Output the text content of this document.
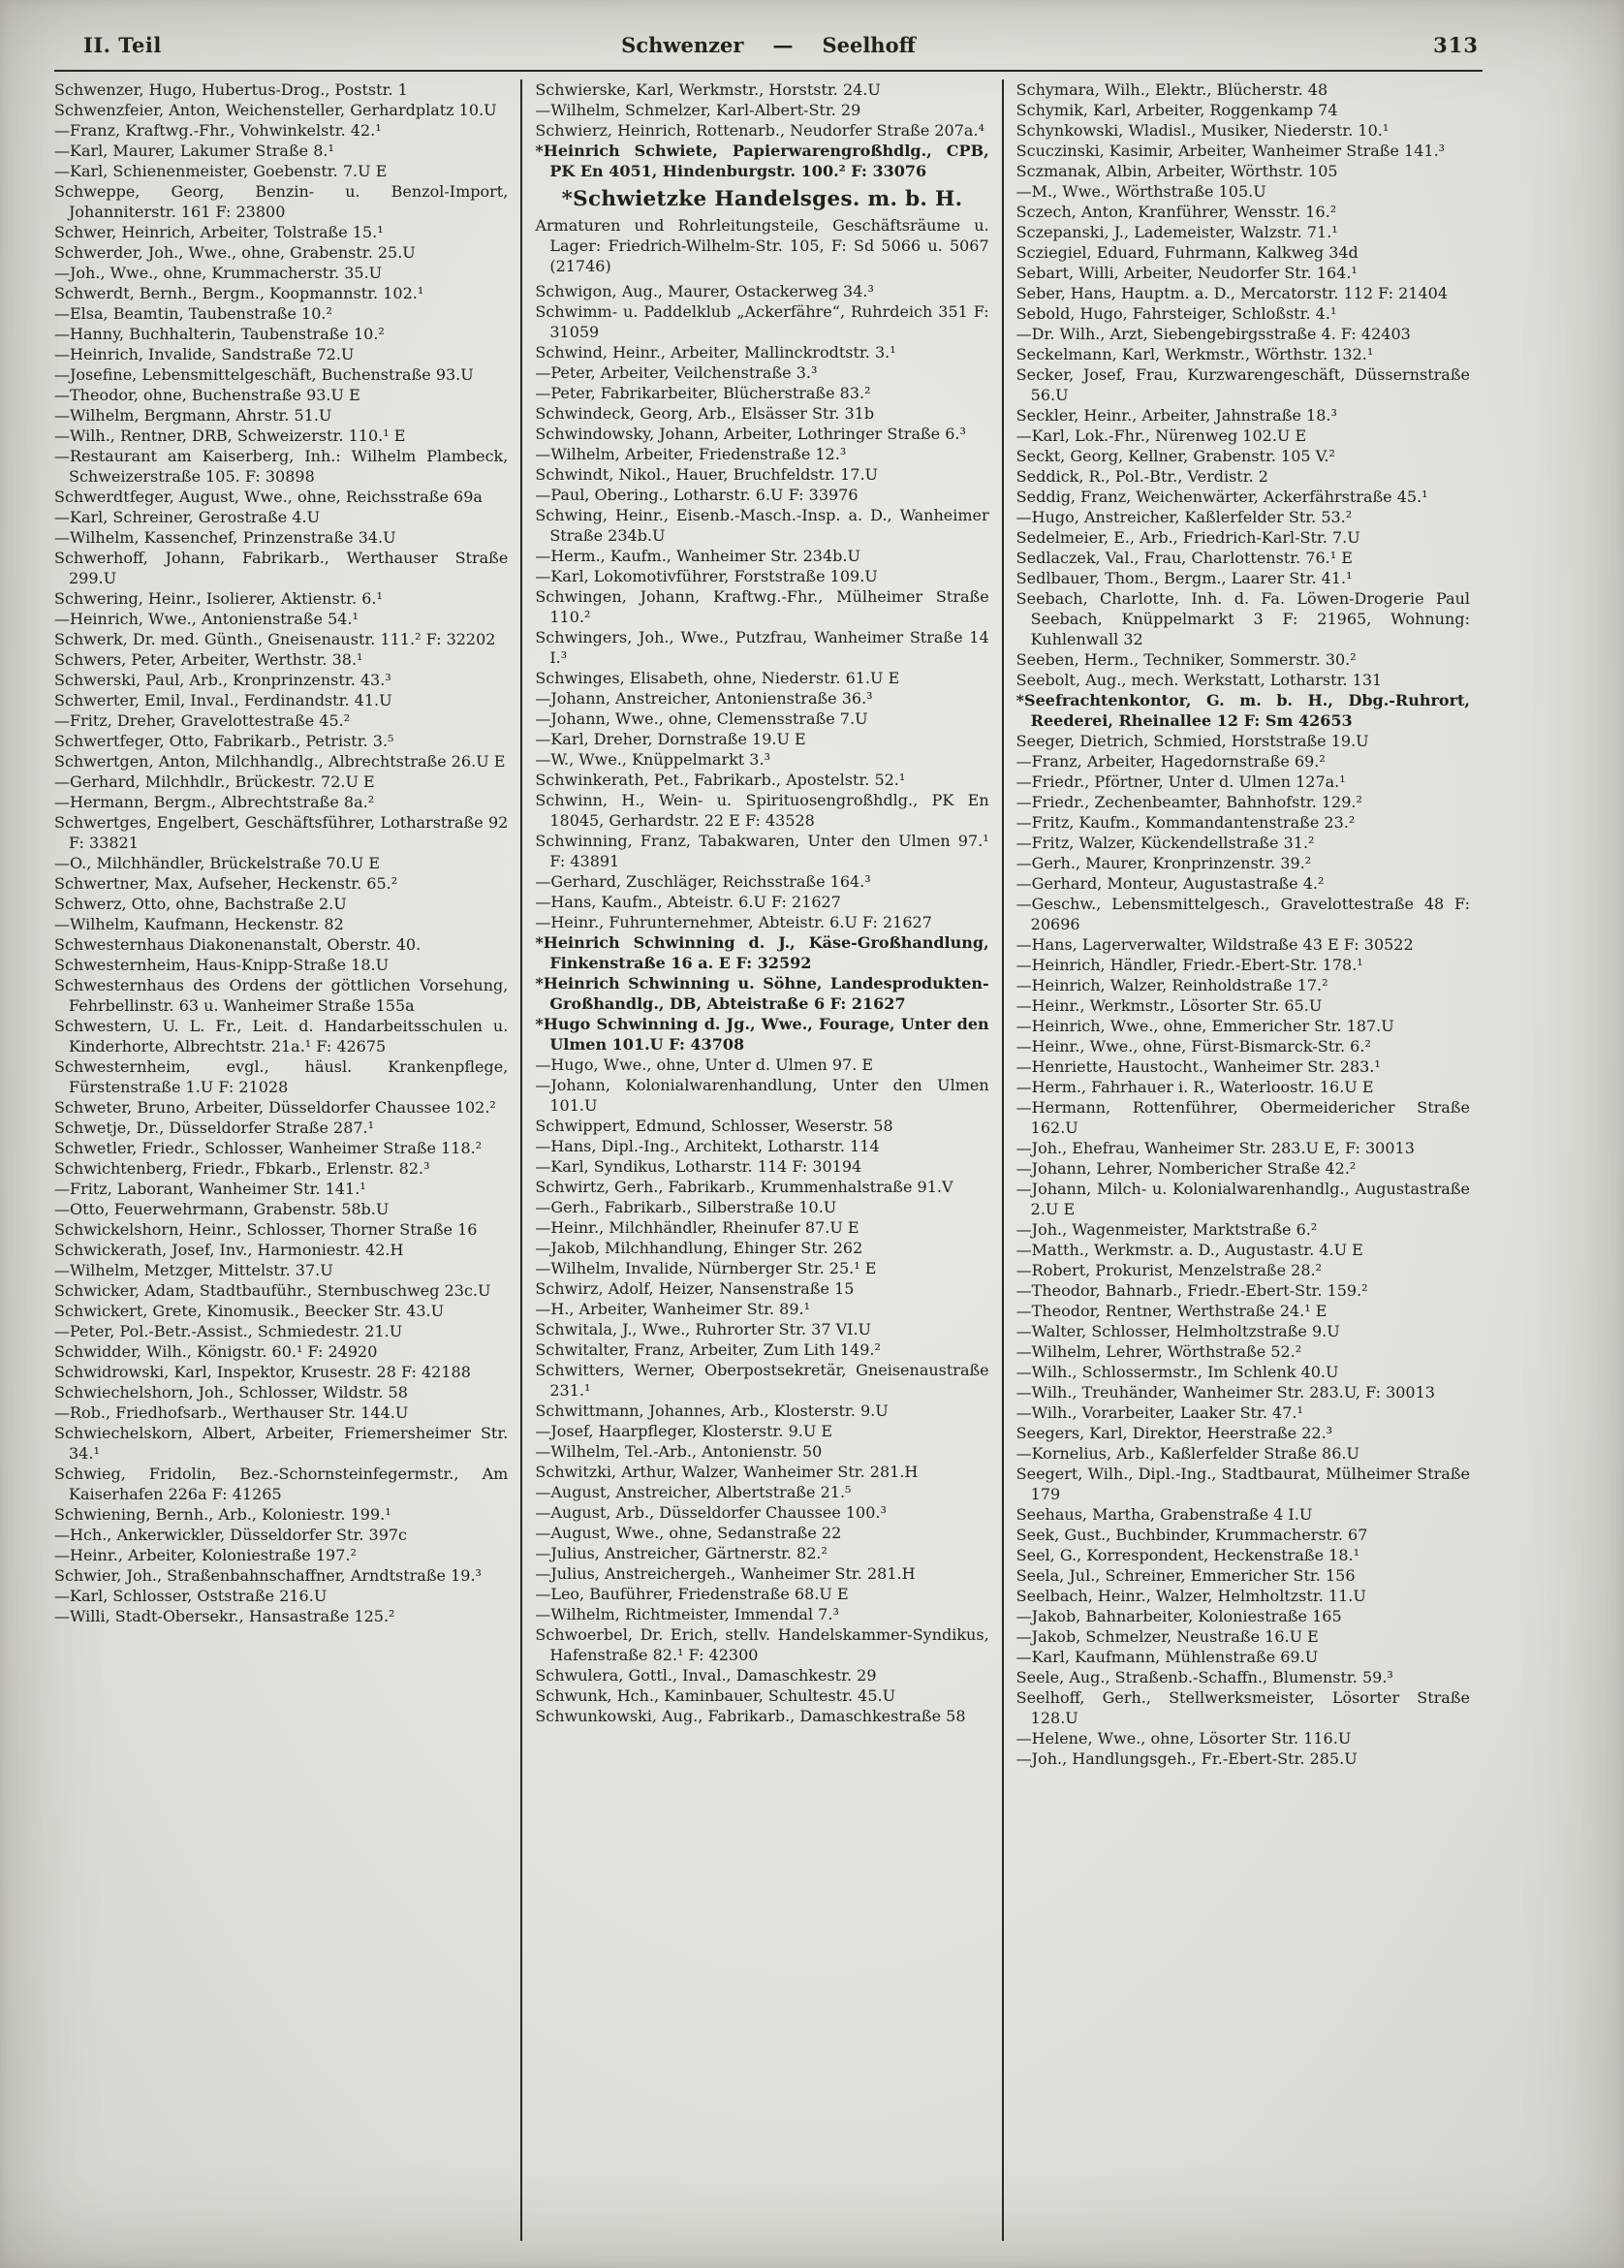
II. Teil	Schwenzer — Seelhoff	313
Schwenzer, Hugo, Hubertus-Drog., Poststr. 1
Schwenzfeier, Anton, Weichensteller, Gerhardplatz 10.U
—Franz, Kraftwg.-Fhr., Vohwinkelstr. 42.¹
—Karl, Maurer, Lakumer Straße 8.¹
—Karl, Schienenmeister, Goebenstr. 7.U E
Schweppe, Georg, Benzin- u. Benzol-Import, Johanniterstr. 161 F: 23800
Schwer, Heinrich, Arbeiter, Tolstraße 15.¹
Schwerder, Joh., Wwe., ohne, Grabenstr. 25.U
—Joh., Wwe., ohne, Krummacherstr. 35.U
Schwerdt, Bernh., Bergm., Koopmannstr. 102.¹
—Elsa, Beamtin, Taubenstraße 10.²
—Hanny, Buchhalterin, Taubenstraße 10.²
—Heinrich, Invalide, Sandstraße 72.U
—Josefine, Lebensmittelgeschäft, Buchenstraße 93.U
—Theodor, ohne, Buchenstraße 93.U E
—Wilhelm, Bergmann, Ahrstr. 51.U
—Wilh., Rentner, DRB, Schweizerstr. 110.¹ E
—Restaurant am Kaiserberg, Inh.: Wilhelm Plambeck, Schweizerstraße 105. F: 30898
Schwerdtfeger, August, Wwe., ohne, Reichsstraße 69a
—Karl, Schreiner, Gerostraße 4.U
—Wilhelm, Kassenchef, Prinzenstraße 34.U
Schwerhoff, Johann, Fabrikarb., Werthauser Straße 299.U
Schwering, Heinr., Isolierer, Aktienstr. 6.¹
—Heinrich, Wwe., Antonienstraße 54.¹
Schwerk, Dr. med. Günth., Gneisenaustr. 111.² F: 32202
Schwers, Peter, Arbeiter, Werthstr. 38.¹
Schwerski, Paul, Arb., Kronprinzenstr. 43.³
Schwerter, Emil, Inval., Ferdinandstr. 41.U
—Fritz, Dreher, Gravelottestraße 45.²
Schwertfeger, Otto, Fabrikarb., Petristr. 3.⁵
Schwertgen, Anton, Milchhandlg., Albrechtstraße 26.U E
—Gerhard, Milchhdlr., Brückestr. 72.U E
—Hermann, Bergm., Albrechtstraße 8a.²
Schwertges, Engelbert, Geschäftsführer, Lotharstraße 92 F: 33821
—O., Milchhändler, Brückelstraße 70.U E
Schwertner, Max, Aufseher, Heckenstr. 65.²
Schwerz, Otto, ohne, Bachstraße 2.U
—Wilhelm, Kaufmann, Heckenstr. 82
Schwesternhaus Diakonenanstalt, Oberstr. 40.
Schwesternheim, Haus-Knipp-Straße 18.U
Schwesternhaus des Ordens der göttlichen Vorsehung, Fehrbellinstr. 63 u. Wanheimer Straße 155a
Schwestern, U. L. Fr., Leit. d. Handarbeitsschulen u. Kinderhorte, Albrechtstr. 21a.¹ F: 42675
Schwesternheim, evgl., häusl. Krankenpflege, Fürstenstraße 1.U F: 21028
Schweter, Bruno, Arbeiter, Düsseldorfer Chaussee 102.²
Schwetje, Dr., Düsseldorfer Straße 287.¹
Schwetler, Friedr., Schlosser, Wanheimer Straße 118.²
Schwichtenberg, Friedr., Fbkarb., Erlenstr. 82.³
—Fritz, Laborant, Wanheimer Str. 141.¹
—Otto, Feuerwehrmann, Grabenstr. 58b.U
Schwickelshorn, Heinr., Schlosser, Thorner Straße 16
Schwickerath, Josef, Inv., Harmoniestr. 42.H
—Wilhelm, Metzger, Mittelstr. 37.U
Schwicker, Adam, Stadtbauführ., Sternbuschweg 23c.U
Schwickert, Grete, Kinomusik., Beecker Str. 43.U
—Peter, Pol.-Betr.-Assist., Schmiedestr. 21.U
Schwidder, Wilh., Königstr. 60.¹ F: 24920
Schwidrowski, Karl, Inspektor, Krusestr. 28 F: 42188
Schwiechelshorn, Joh., Schlosser, Wildstr. 58
—Rob., Friedhofsarb., Werthauser Str. 144.U
Schwiechelskorn, Albert, Arbeiter, Friemersheimer Str. 34.¹
Schwieg, Fridolin, Bez.-Schornsteinfegermstr., Am Kaiserhafen 226a F: 41265
Schwiening, Bernh., Arb., Koloniestr. 199.¹
—Hch., Ankerwickler, Düsseldorfer Str. 397c
—Heinr., Arbeiter, Koloniestraße 197.²
Schwier, Joh., Straßenbahnschaffner, Arndtstraße 19.³
—Karl, Schlosser, Oststraße 216.U
—Willi, Stadt-Obersekr., Hansastraße 125.²
Schwierske, Karl, Werkmstr., Horststr. 24.U
—Wilhelm, Schmelzer, Karl-Albert-Str. 29
Schwierz, Heinrich, Rottenarb., Neudorfer Straße 207a.⁴
*Heinrich Schwiete, Papierwarengroßhdlg., CPB, PK En 4051, Hindenburgstr. 100.² F: 33076
*Schwietzke Handelsges. m. b. H.
Armaturen und Rohrleitungsteile, Geschäftsräume u. Lager: Friedrich-Wilhelm-Str. 105, F: Sd 5066 u. 5067 (21746)
Schwigon, Aug., Maurer, Ostackerweg 34.³
Schwimm- u. Paddelklub „Ackerfähre“, Ruhrdeich 351 F: 31059
Schwind, Heinr., Arbeiter, Mallinckrodtstr. 3.¹
—Peter, Arbeiter, Veilchenstraße 3.³
—Peter, Fabrikarbeiter, Blücherstraße 83.²
Schwindeck, Georg, Arb., Elsässer Str. 31b
Schwindowsky, Johann, Arbeiter, Lothringer Straße 6.³
—Wilhelm, Arbeiter, Friedenstraße 12.³
Schwindt, Nikol., Hauer, Bruchfeldstr. 17.U
—Paul, Obering., Lotharstr. 6.U F: 33976
Schwing, Heinr., Eisenb.-Masch.-Insp. a. D., Wanheimer Straße 234b.U
—Herm., Kaufm., Wanheimer Str. 234b.U
—Karl, Lokomotivführer, Forststraße 109.U
Schwingen, Johann, Kraftwg.-Fhr., Mülheimer Straße 110.²
Schwingers, Joh., Wwe., Putzfrau, Wanheimer Straße 14 I.³
Schwinges, Elisabeth, ohne, Niederstr. 61.U E
—Johann, Anstreicher, Antonienstraße 36.³
—Johann, Wwe., ohne, Clemensstraße 7.U
—Karl, Dreher, Dornstraße 19.U E
—W., Wwe., Knüppelmarkt 3.³
Schwinkerath, Pet., Fabrikarb., Apostelstr. 52.¹
Schwinn, H., Wein- u. Spirituosengroßhdlg., PK En 18045, Gerhardstr. 22 E F: 43528
Schwinning, Franz, Tabakwaren, Unter den Ulmen 97.¹ F: 43891
—Gerhard, Zuschläger, Reichsstraße 164.³
—Hans, Kaufm., Abteistr. 6.U F: 21627
—Heinr., Fuhrunternehmer, Abteistr. 6.U F: 21627
*Heinrich Schwinning d. J., Käse-Großhandlung, Finkenstraße 16 a. E F: 32592
*Heinrich Schwinning u. Söhne, Landesprodukten-Großhandlg., DB, Abteistraße 6 F: 21627
*Hugo Schwinning d. Jg., Wwe., Fourage, Unter den Ulmen 101.U F: 43708
—Hugo, Wwe., ohne, Unter d. Ulmen 97. E
—Johann, Kolonialwarenhandlung, Unter den Ulmen 101.U
Schwippert, Edmund, Schlosser, Weserstr. 58
—Hans, Dipl.-Ing., Architekt, Lotharstr. 114
—Karl, Syndikus, Lotharstr. 114 F: 30194
Schwirtz, Gerh., Fabrikarb., Krummenhalstraße 91.V
—Gerh., Fabrikarb., Silberstraße 10.U
—Heinr., Milchhändler, Rheinufer 87.U E
—Jakob, Milchhandlung, Ehinger Str. 262
—Wilhelm, Invalide, Nürnberger Str. 25.¹ E
Schwirz, Adolf, Heizer, Nansenstraße 15
—H., Arbeiter, Wanheimer Str. 89.¹
Schwitala, J., Wwe., Ruhrorter Str. 37 VI.U
Schwitalter, Franz, Arbeiter, Zum Lith 149.²
Schwitters, Werner, Oberpostsekretär, Gneisenaustraße 231.¹
Schwittmann, Johannes, Arb., Klosterstr. 9.U
—Josef, Haarpfleger, Klosterstr. 9.U E
—Wilhelm, Tel.-Arb., Antonienstr. 50
Schwitzki, Arthur, Walzer, Wanheimer Str. 281.H
—August, Anstreicher, Albertstraße 21.⁵
—August, Arb., Düsseldorfer Chaussee 100.³
—August, Wwe., ohne, Sedanstraße 22
—Julius, Anstreicher, Gärtnerstr. 82.²
—Julius, Anstreichergeh., Wanheimer Str. 281.H
—Leo, Bauführer, Friedenstraße 68.U E
—Wilhelm, Richtmeister, Immendal 7.³
Schwoerbel, Dr. Erich, stellv. Handelskammer-Syndikus, Hafenstraße 82.¹ F: 42300
Schwulera, Gottl., Inval., Damaschkestr. 29
Schwunk, Hch., Kaminbauer, Schultestr. 45.U
Schwunkowski, Aug., Fabrikarb., Damaschkestraße 58
Schymara, Wilh., Elektr., Blücherstr. 48
Schymik, Karl, Arbeiter, Roggenkamp 74
Schynkowski, Wladisl., Musiker, Niederstr. 10.¹
Scuczinski, Kasimir, Arbeiter, Wanheimer Straße 141.³
Sczmanak, Albin, Arbeiter, Wörthstr. 105
—M., Wwe., Wörthstraße 105.U
Sczech, Anton, Kranführer, Wensstr. 16.²
Sczepanski, J., Lademeister, Walzstr. 71.¹
Scziegiel, Eduard, Fuhrmann, Kalkweg 34d
Sebart, Willi, Arbeiter, Neudorfer Str. 164.¹
Seber, Hans, Hauptm. a. D., Mercatorstr. 112 F: 21404
Sebold, Hugo, Fahrsteiger, Schloßstr. 4.¹
—Dr. Wilh., Arzt, Siebengebirgsstraße 4. F: 42403
Seckelmann, Karl, Werkmstr., Wörthstr. 132.¹
Secker, Josef, Frau, Kurzwarengeschäft, Düssernstraße 56.U
Seckler, Heinr., Arbeiter, Jahnstraße 18.³
—Karl, Lok.-Fhr., Nürenweg 102.U E
Seckt, Georg, Kellner, Grabenstr. 105 V.²
Seddick, R., Pol.-Btr., Verdistr. 2
Seddig, Franz, Weichenwärter, Ackerfährstraße 45.¹
—Hugo, Anstreicher, Kaßlerfelder Str. 53.²
Sedelmeier, E., Arb., Friedrich-Karl-Str. 7.U
Sedlaczek, Val., Frau, Charlottenstr. 76.¹ E
Sedlbauer, Thom., Bergm., Laarer Str. 41.¹
Seebach, Charlotte, Inh. d. Fa. Löwen-Drogerie Paul Seebach, Knüppelmarkt 3 F: 21965, Wohnung: Kuhlenwall 32
Seeben, Herm., Techniker, Sommerstr. 30.²
Seebolt, Aug., mech. Werkstatt, Lotharstr. 131
*Seefrachtenkontor, G. m. b. H., Dbg.-Ruhrort, Reederei, Rheinallee 12 F: Sm 42653
Seeger, Dietrich, Schmied, Horststraße 19.U
—Franz, Arbeiter, Hagedornstraße 69.²
—Friedr., Pförtner, Unter d. Ulmen 127a.¹
—Friedr., Zechenbeamter, Bahnhofstr. 129.²
—Fritz, Kaufm., Kommandantenstraße 23.²
—Fritz, Walzer, Kückendellstraße 31.²
—Gerh., Maurer, Kronprinzenstr. 39.²
—Gerhard, Monteur, Augustastraße 4.²
—Geschw., Lebensmittelgesch., Gravelottestraße 48 F: 20696
—Hans, Lagerverwalter, Wildstraße 43 E F: 30522
—Heinrich, Händler, Friedr.-Ebert-Str. 178.¹
—Heinrich, Walzer, Reinholdstraße 17.²
—Heinr., Werkmstr., Lösorter Str. 65.U
—Heinrich, Wwe., ohne, Emmericher Str. 187.U
—Heinr., Wwe., ohne, Fürst-Bismarck-Str. 6.²
—Henriette, Haustocht., Wanheimer Str. 283.¹
—Herm., Fahrhauer i. R., Waterloostr. 16.U E
—Hermann, Rottenführer, Obermeidericher Straße 162.U
—Joh., Ehefrau, Wanheimer Str. 283.U E, F: 30013
—Johann, Lehrer, Nombericher Straße 42.²
—Johann, Milch- u. Kolonialwarenhandlg., Augustastraße 2.U E
—Joh., Wagenmeister, Marktstraße 6.²
—Matth., Werkmstr. a. D., Augustastr. 4.U E
—Robert, Prokurist, Menzelstraße 28.²
—Theodor, Bahnarb., Friedr.-Ebert-Str. 159.²
—Theodor, Rentner, Werthstraße 24.¹ E
—Walter, Schlosser, Helmholtzstraße 9.U
—Wilhelm, Lehrer, Wörthstraße 52.²
—Wilh., Schlossermstr., Im Schlenk 40.U
—Wilh., Treuhänder, Wanheimer Str. 283.U, F: 30013
—Wilh., Vorarbeiter, Laaker Str. 47.¹
Seegers, Karl, Direktor, Heerstraße 22.³
—Kornelius, Arb., Kaßlerfelder Straße 86.U
Seegert, Wilh., Dipl.-Ing., Stadtbaurat, Mülheimer Straße 179
Seehaus, Martha, Grabenstraße 4 I.U
Seek, Gust., Buchbinder, Krummacherstr. 67
Seel, G., Korrespondent, Heckenstraße 18.¹
Seela, Jul., Schreiner, Emmericher Str. 156
Seelbach, Heinr., Walzer, Helmholtzstr. 11.U
—Jakob, Bahnarbeiter, Koloniestraße 165
—Jakob, Schmelzer, Neustraße 16.U E
—Karl, Kaufmann, Mühlenstraße 69.U
Seele, Aug., Straßenb.-Schaffn., Blumenstr. 59.³
Seelhoff, Gerh., Stellwerksmeister, Lösorter Straße 128.U
—Helene, Wwe., ohne, Lösorter Str. 116.U
—Joh., Handlungsgeh., Fr.-Ebert-Str. 285.U
